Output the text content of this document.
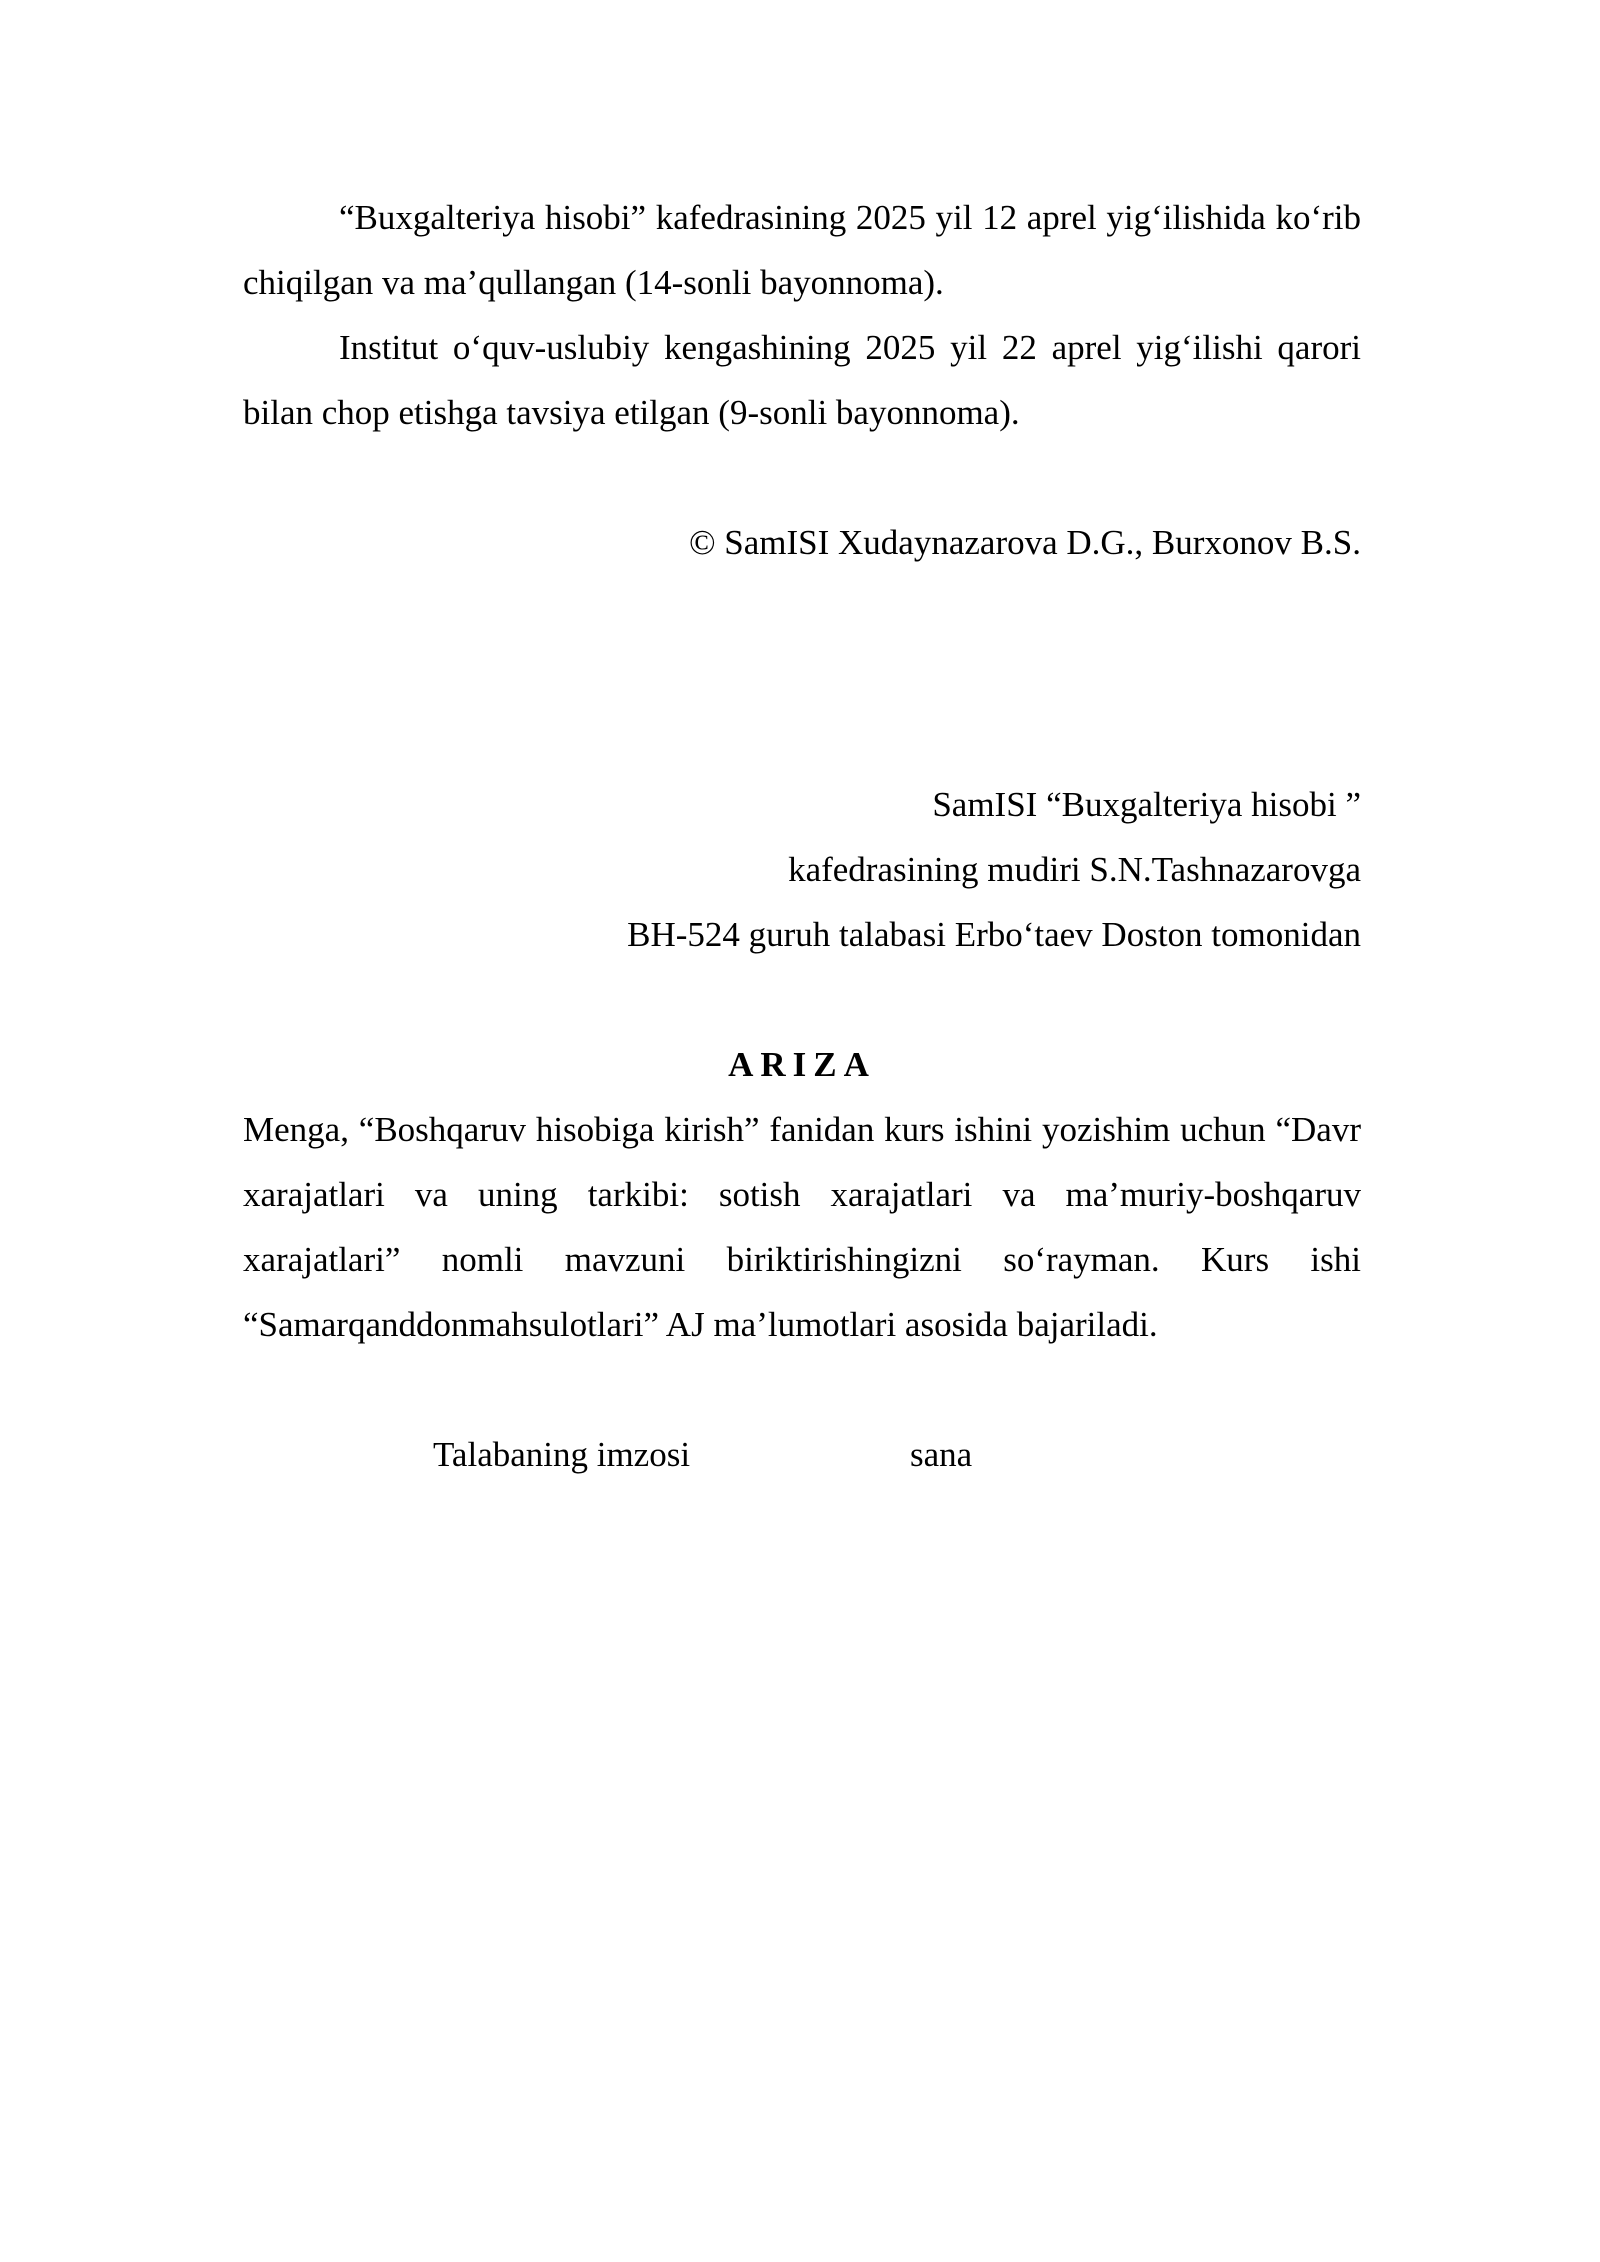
“Buxgalteriya hisobi” kafedrasining 2025 yil 12 aprel yig‘ilishida ko‘rib chiqilgan va ma’qullangan (14-sonli bayonnoma).

Institut o‘quv-uslubiy kengashining 2025 yil 22 aprel yig‘ilishi qarori bilan chop etishga tavsiya etilgan (9-sonli bayonnoma).

© SamISI Xudaynazarova D.G., Burxonov B.S.
SamISI “Buxgalteriya hisobi ”
kafedrasining mudiri S.N.Tashnazarovga
BH-524 guruh talabasi Erbo‘taev Doston tomonidan
ARIZA

Menga, “Boshqaruv hisobiga kirish” fanidan kurs ishini yozishim uchun “Davr xarajatlari va uning tarkibi: sotish xarajatlari va ma’muriy-boshqaruv xarajatlari” nomli mavzuni biriktirishingizni so‘rayman. Kurs ishi “Samarqanddonmahsulotlari” AJ ma’lumotlari asosida bajariladi.

Talabaning imzosi	sana
